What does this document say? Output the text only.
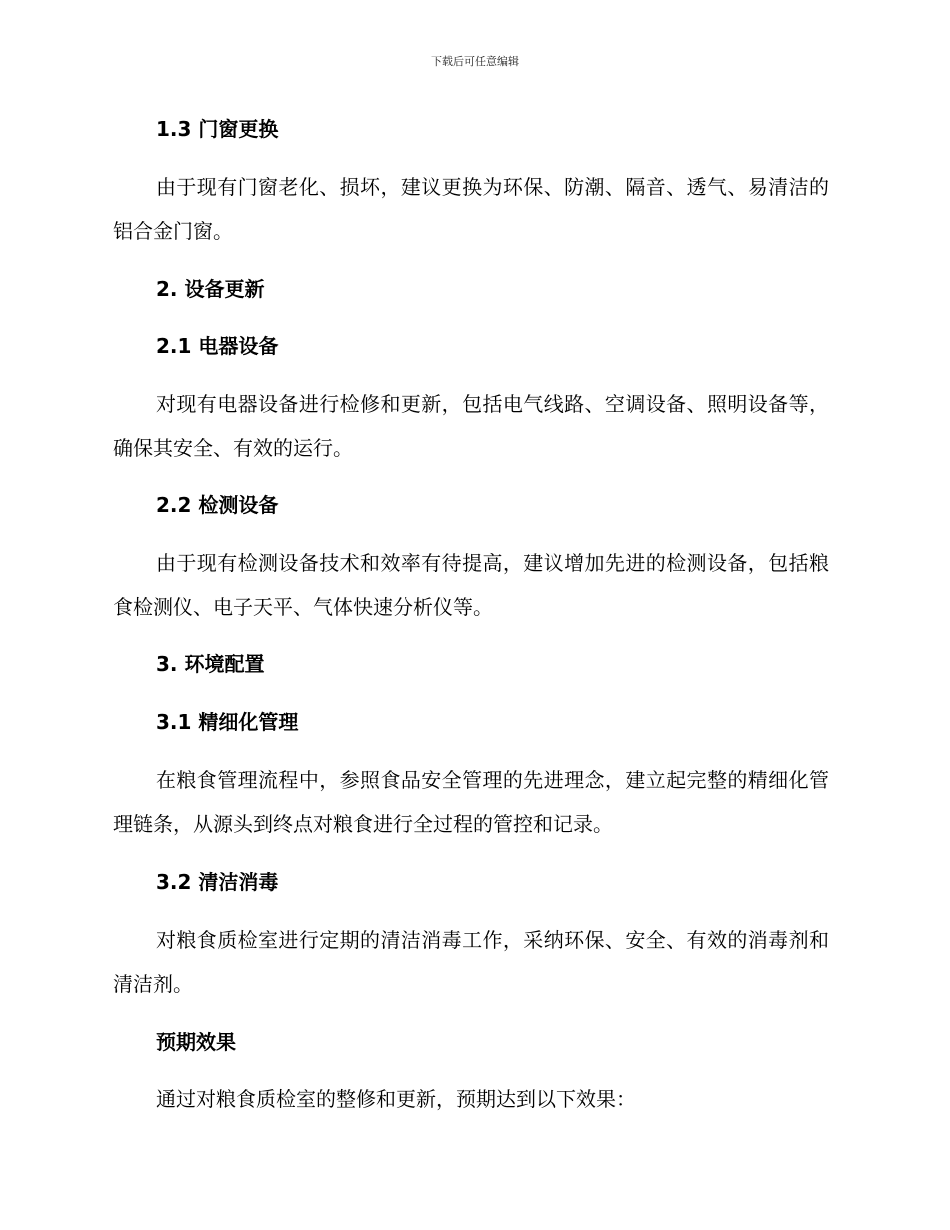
下载后可任意编辑
1.3 门窗更换
由于现有门窗老化、损坏，建议更换为环保、防潮、隔音、透气、易清洁的铝合金门窗。
2. 设备更新
2.1 电器设备
对现有电器设备进行检修和更新，包括电气线路、空调设备、照明设备等，确保其安全、有效的运行。
2.2 检测设备
由于现有检测设备技术和效率有待提高，建议增加先进的检测设备，包括粮食检测仪、电子天平、气体快速分析仪等。
3. 环境配置
3.1 精细化管理
在粮食管理流程中，参照食品安全管理的先进理念，建立起完整的精细化管理链条，从源头到终点对粮食进行全过程的管控和记录。
3.2 清洁消毒
对粮食质检室进行定期的清洁消毒工作，采纳环保、安全、有效的消毒剂和清洁剂。
预期效果
通过对粮食质检室的整修和更新，预期达到以下效果：
